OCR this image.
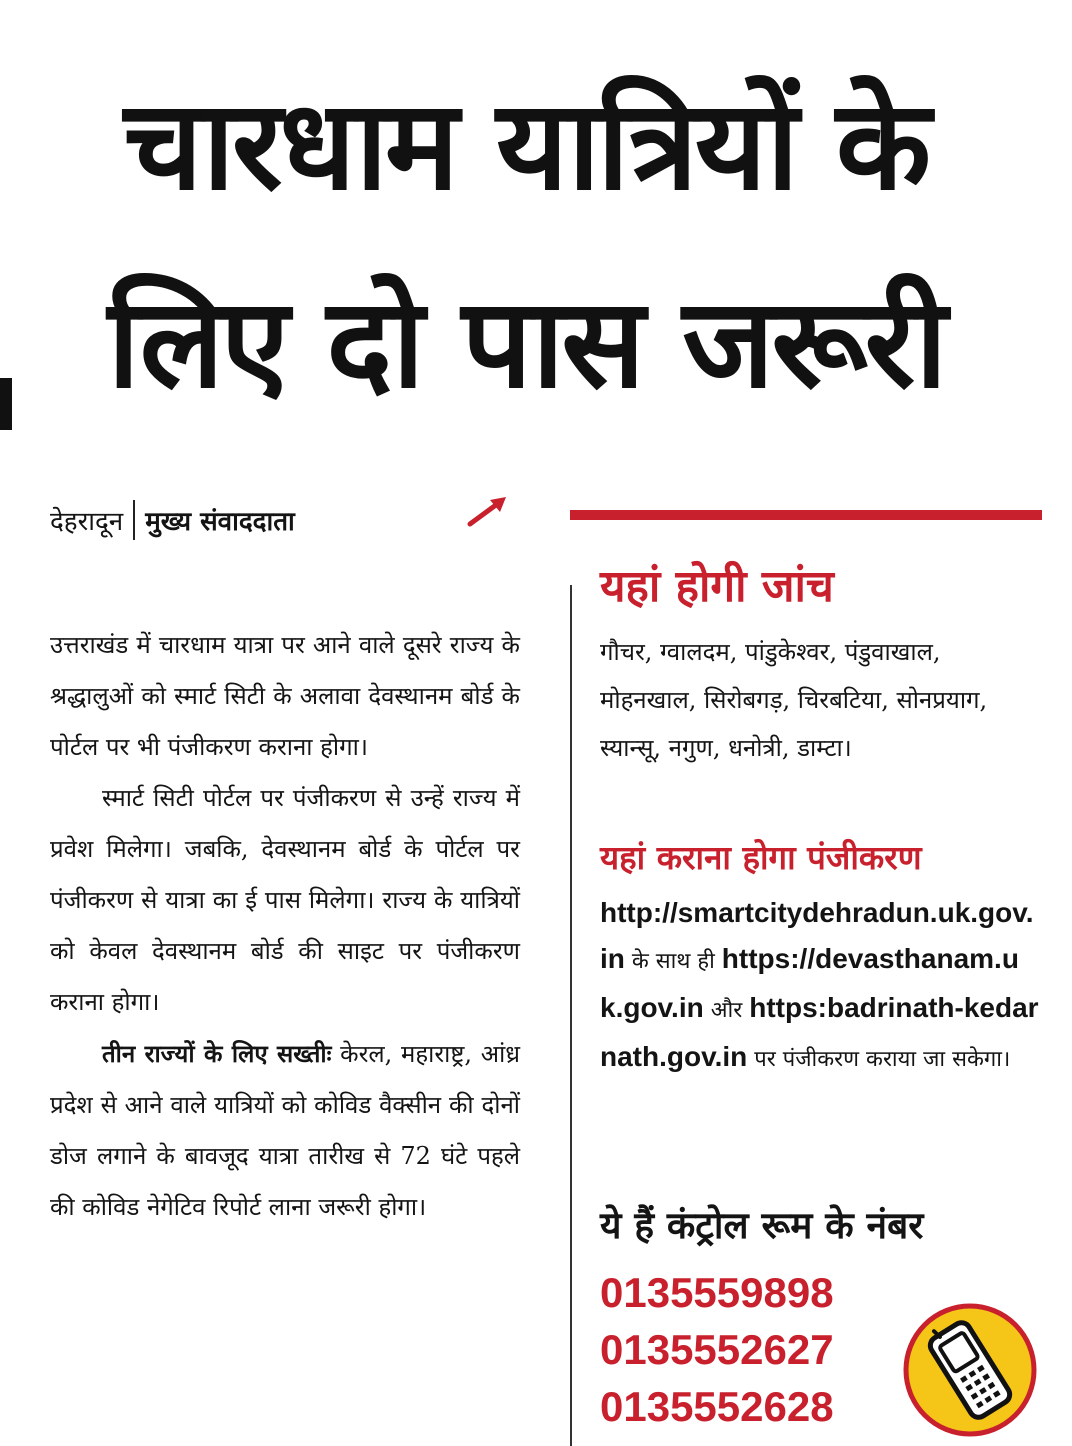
चारधाम यात्रियों के
लिए दो पास जरूरी
देहरादून मुख्य संवाददाता

उत्तराखंड में चारधाम यात्रा पर आने वाले दूसरे राज्य के श्रद्धालुओं को स्मार्ट सिटी के अलावा देवस्थानम बोर्ड के पोर्टल पर भी पंजीकरण कराना होगा।

स्मार्ट सिटी पोर्टल पर पंजीकरण से उन्हें राज्य में प्रवेश मिलेगा। जबकि, देवस्थानम बोर्ड के पोर्टल पर पंजीकरण से यात्रा का ई पास मिलेगा। राज्य के यात्रियों को केवल देवस्थानम बोर्ड की साइट पर पंजीकरण कराना होगा।

तीन राज्यों के लिए सख्तीः केरल, महाराष्ट्र, आंध्र प्रदेश से आने वाले यात्रियों को कोविड वैक्सीन की दोनों डोज लगाने के बावजूद यात्रा तारीख से 72 घंटे पहले की कोविड नेगेटिव रिपोर्ट लाना जरूरी होगा।

यहां होगी जांच
गौचर, ग्वालदम, पांडुकेश्वर, पंडुवाखाल, मोहनखाल, सिरोबगड़, चिरबटिया, सोनप्रयाग, स्यान्सू, नगुण, धनोत्री, डाम्टा।
यहां कराना होगा पंजीकरण
http://smartcitydehradun.uk.gov.in के साथ ही https://devasthanam.uk.gov.in और https:badrinath-kedarnath.gov.in पर पंजीकरण कराया जा सकेगा।
ये हैं कंट्रोल रूम के नंबर
0135559898
0135552627
0135552628
